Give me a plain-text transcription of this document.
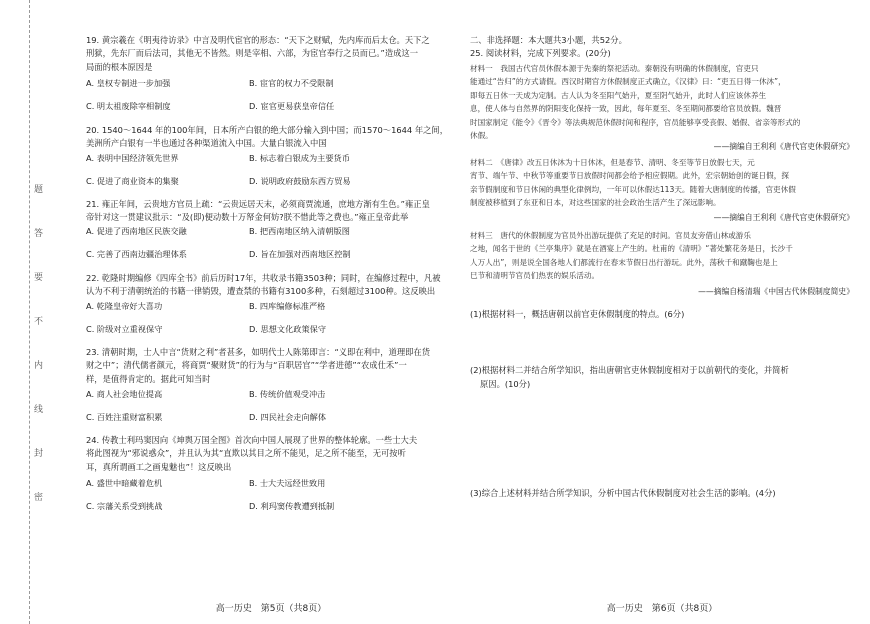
题
答
要
不
内
线
封
密
19. 黄宗羲在《明夷待访录》中言及明代宦官的形态：“天下之财赋，先内库而后太仓。天下之
刑狱，先东厂而后法司，其他无不皆然。则是宰相、六部，为宦官奉行之员而已。”造成这一
局面的根本原因是
A. 皇权专制进一步加强	B. 宦官的权力不受限制
C. 明太祖废除宰相制度	D. 宦官更易获皇帝信任
20. 1540～1644 年的100年间，日本所产白银的绝大部分输入到中国；而1570～1644 年之间，
美洲所产白银有一半也通过各种渠道流入中国。大量白银流入中国
A. 表明中国经济领先世界	B. 标志着白银成为主要货币
C. 促进了商业资本的集聚	D. 说明政府鼓励东西方贸易
21. 雍正年间，云贵地方官员上疏：“云贵远居天末，必须商贾流通，庶地方渐有生色。”雍正皇
帝针对这一贯建议批示：“及(即)便动数十万帑金何妨?朕不惜此等之费也。”雍正皇帝此举
A. 促进了西南地区民族交融	B. 把西南地区纳入清朝版图
C. 完善了西南边疆治理体系	D. 旨在加强对西南地区控制
22. 乾隆时期编修《四库全书》前后历时17年，共收录书籍3503种；同时，在编修过程中，凡被
认为不利于清朝统治的书籍一律销毁，遭查禁的书籍有3100多种，石刻超过3100种。这反映出
A. 乾隆皇帝好大喜功	B. 四库编修标准严格
C. 阶级对立重视保守	D. 思想文化政策保守
23. 清朝时期，士人中言“货财之利”者甚多，如明代士人陈第即言：“义即在利中，道理即在货
财之中”；清代儒者颜元，将商贾“聚财货”的行为与“百职居官”“学者进德”“农成仕禾”一
样，是值得肯定的。据此可知当时
A. 商人社会地位提高	B. 传统价值观受冲击
C. 百姓注重财富积累	D. 四民社会走向解体
24. 传教士利玛窦因向《坤舆万国全图》首次向中国人展现了世界的整体轮廓。一些士大夫
将此图视为“邪说惑众”，并且认为其“直欺以其目之所不能见，足之所不能至，无可按听
耳，真所谓画工之画鬼魅也”！这反映出
A. 盛世中暗藏着危机	B. 士大夫远经世致用
C. 宗藩关系受到挑战	D. 利玛窦传教遭到抵制
高一历史　第5页（共8页）
二、非选择题：本大题共3小题，共52分。
25. 阅读材料，完成下列要求。(20分)
材料一　我国古代官员休假本源于先秦的祭祀活动。秦朝没有明确的休假制度，官吏只
能通过“告归”的方式请假。西汉时期官方休假制度正式确立，《汉律》曰：“吏五日得一休沐”，
即每五日休一天成为定制。古人认为冬至阳气始升，夏至阴气始升，此时人们应该休养生
息，使人体与自然界的阴阳变化保持一致，因此，每年夏至、冬至期间都要给官员放假。魏晋
时国家制定《能令》《晋令》等法典规范休假时间和程序，官员能够享受丧假、婚假、省亲等形式的
休假。
——摘编自王利利《唐代官吏休假研究》
材料二　《唐律》改五日休沐为十日休沐，但是春节、清明、冬至等节日放假七天，元
宵节、端午节、中秋节等重要节日放假时间都会给予相应假期。此外，宏宗朝始创的诞日假，探
亲节假制度和节日休闲的典型化律例均，一年可以休假达113天。随着大唐制度的传播，官吏休假
制度被移植到了东亚和日本，对这些国家的社会政治生活产生了深远影响。
——摘编自王利利《唐代官吏休假研究》
材料三　唐代的休假制度为官员外出游玩提供了充足的时间。官员友旁借山林或游乐
之地，闻名于世的《兰亭集序》就是在酒宴上产生的。杜甫的《清明》“著处繁花务是日，长沙千
人万人出”，则是说全国各地人们都流行在春末节假日出行游玩。此外，荡秋千和蹴鞠也是上
巳节和清明节官员们热衷的娱乐活动。
——摘编自杨清瑞《中国古代休假制度简史》
(1)根据材料一，概括唐朝以前官吏休假制度的特点。(6分)
(2)根据材料二并结合所学知识，指出唐朝官吏休假制度相对于以前朝代的变化，并简析
原因。(10分)
(3)综合上述材料并结合所学知识，分析中国古代休假制度对社会生活的影响。(4分)
高一历史　第6页（共8页）
